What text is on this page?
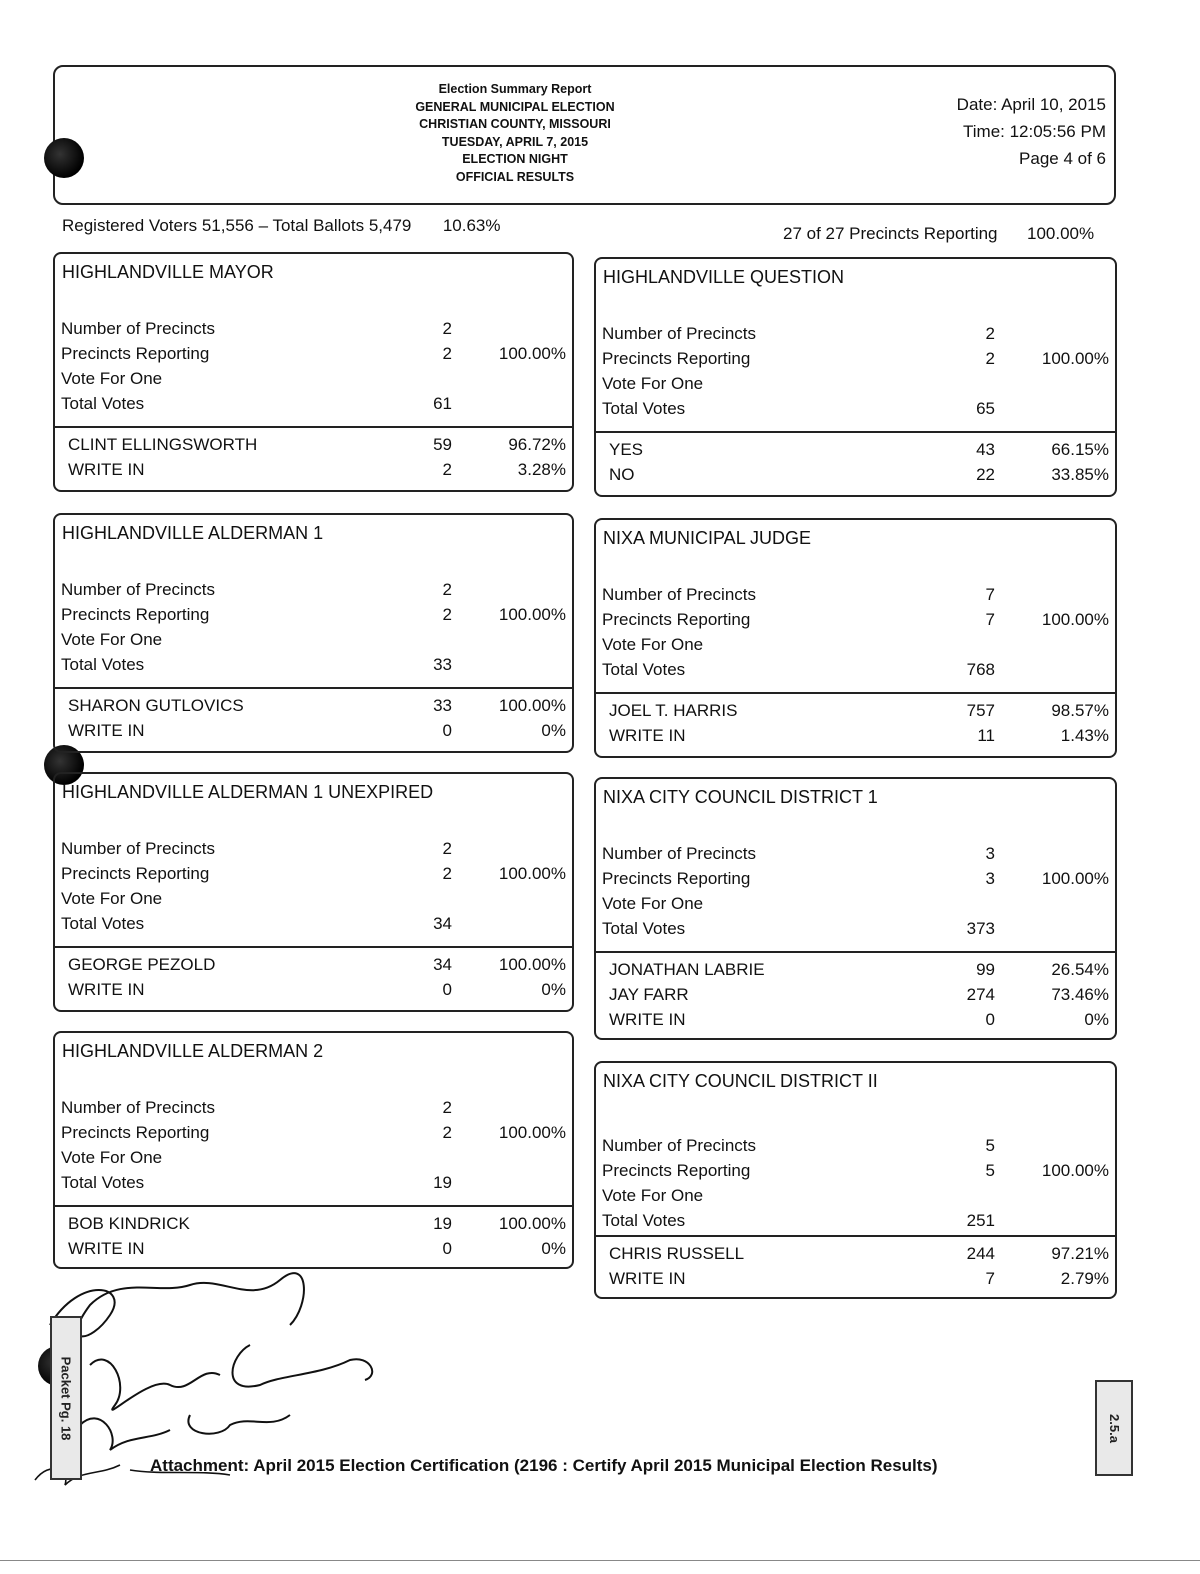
Election Summary Report
GENERAL MUNICIPAL ELECTION
CHRISTIAN COUNTY, MISSOURI
TUESDAY, APRIL 7, 2015
ELECTION NIGHT
OFFICIAL RESULTS
Date: April 10, 2015
Time: 12:05:56 PM
Page 4 of 6
Registered Voters 51,556 – Total Ballots 5,479 10.63%	27 of 27 Precincts Reporting 100.00%
HIGHLANDVILLE MAYOR
Number of Precincts	2
Precincts Reporting	2	100.00%
Vote For One
Total Votes	61
CLINT ELLINGSWORTH	59	96.72%
WRITE IN	2	3.28%
HIGHLANDVILLE QUESTION
Number of Precincts	2
Precincts Reporting	2	100.00%
Vote For One
Total Votes	65
YES	43	66.15%
NO	22	33.85%
HIGHLANDVILLE ALDERMAN 1
Number of Precincts	2
Precincts Reporting	2	100.00%
Vote For One
Total Votes	33
SHARON GUTLOVICS	33	100.00%
WRITE IN	0	0%
NIXA MUNICIPAL JUDGE
Number of Precincts	7
Precincts Reporting	7	100.00%
Vote For One
Total Votes	768
JOEL T. HARRIS	757	98.57%
WRITE IN	11	1.43%
HIGHLANDVILLE ALDERMAN 1 UNEXPIRED
Number of Precincts	2
Precincts Reporting	2	100.00%
Vote For One
Total Votes	34
GEORGE PEZOLD	34	100.00%
WRITE IN	0	0%
NIXA CITY COUNCIL DISTRICT 1
Number of Precincts	3
Precincts Reporting	3	100.00%
Vote For One
Total Votes	373
JONATHAN LABRIE	99	26.54%
JAY FARR	274	73.46%
WRITE IN	0	0%
HIGHLANDVILLE ALDERMAN 2
Number of Precincts	2
Precincts Reporting	2	100.00%
Vote For One
Total Votes	19
BOB KINDRICK	19	100.00%
WRITE IN	0	0%
NIXA CITY COUNCIL DISTRICT II
Number of Precincts	5
Precincts Reporting	5	100.00%
Vote For One
Total Votes	251
CHRIS RUSSELL	244	97.21%
WRITE IN	7	2.79%
Packet Pg. 18	2.5.a
Attachment: April 2015 Election Certification (2196 : Certify April 2015 Municipal Election Results)
